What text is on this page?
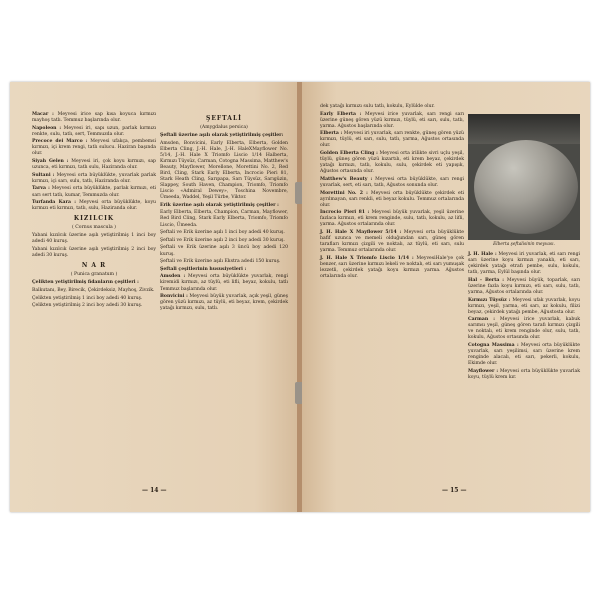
Macar : Meyvesi irice sap kısa koyuca kırmızı mayhoş tatlı. Temmuz başlarında olur.

Napoleon : Meyvesi iri, sapı uzun, parlak kırmızı renkte, sulu, tatlı, sert, Temmuzda olur.

Precoce dei Marco : Meyvesi ufakça, pembemsi kırmızı, içi krem rengi, tatlı sulucu. Haziran başında olur.

Siyah Gelen : Meyvesi iri, çok koyu kırmızı, sap uzunca, eti kırmızı, tatlı sulu, Haziranda olur.

Sultani : Meyvesi orta büyüklükte, yuvarlak parlak kırmızı, içi sarı, sulu, tatlı, Haziranda olur.

Tarva : Meyvesi orta büyüklükte, parlak kırmızı, eti sarı sert tatlı, kumar, Temmuzda olur.

Turfanda Kara : Meyvesi orta büyüklükte, koyu kırmızı eti kırmızı, tatlı, sulu, Haziranda olur.

KIZILCIK

( Cornus mascula )

Yabani kızılcık üzerine aşılı yetiştirilmiş 1 inci boy adedi 40 kuruş.

Yabani kızılcık üzerine aşılı yetiştirilmiş 2 inci boy adedi 30 kuruş.

N A R

( Punica granatum )

Çelikten yetiştirilmiş fidanların çeşitleri :

Balkutanı, Bey, Birecik, Çekirdeksiz, Mayhoş, Zivzik.

Çelikten yetiştirilmiş 1 inci boy adedi 40 kuruş.

Çelikten yetiştirilmiş 2 inci boy adedi 30 kuruş.

ŞEFTALİ

(Amygdalus persica)

Şeftali üzerine aşılı olarak yetiştirilmiş çeşitler:

Amsden, Bonvicini, Early Elberta, Elberta, Golden Elberta Cling, J.-H. Hale, J.-H. HaleXMayflower No. 5/14, J.-H. Hale X Triomfo Liscio 1/14 Halberta, Kırmızı Tüysüz, Carman, Cotogna Massima, Matthew's Beauty, Mayflower, Morellone, Morettini No. 2, Red Bird, Cling, Stark Early Elberta, Incrocio Pieri 81, Stark Heath Cling, Sarıpapa, Sarı Tüysüz, Sarıgüzin, Slappey, South Haven, Champion, Triomfo, Triomfo Liscio «Admiral Dewey», Toschina Novembre, Ümeeda, Waddel, Yeşil Türbe, Viktor.

Erik üzerine aşılı olarak yetiştirilmiş çeşitler :

Early Elberta, Elberta, Champion, Carman, Mayflower, Red Bird Cling, Stark Early Elberta, Triomfo, Triomfo Liscio, Ümeeda.

Şeftali ve Erik üzerine aşılı 1 inci boy adedi 40 kuruş.

Şeftali ve Erik üzerine aşılı 2 inci boy adedi 30 kuruş.

Şeftali ve Erik üzerine aşılı 3 üncü boy adedi 120 kuruş.

Şeftali ve Erik üzerine aşılı Ekstra adedi 150 kuruş.

Şeftali çeşitlerinin hususiyetleri :

Amsden : Meyvesi orta büyüklükte yuvarlak, rengi kiremidi kırmızı, az tüylü, eti lifli, beyaz, kokulu, tatlı Temmuz başlarında olur.

Bonvicini : Meyvesi büyük yuvarlak, açık yeşil, güneş gören yüzü kırmızı, az tüylü, eti beyaz, krem, çekirdek yatağı kırmızı, sulu, tatlı.

— 14 —

dek yatağı kırmızı sulu tatlı, kokulu, Eylülde olur.

Early Elberta : Meyvesi irice yuvarlak, sarı rengi sarı üzerine güneş gören yüzü kırmızı, tüylü, eti sarı, sulu, tatlı, yarma. Ağustos başlarında olur.

Elberta : Meyvesi iri yuvarlak, sarı renkte, güneş gören yüzü kırmızı, tüylü, eti sarı, sulu, tatlı, yarma, Ağustos ortasında olur.

Golden Elberta Cling : Meyvesi orta irilikte sivri uçlu yeşil, tüylü, güneş gören yüzü kızartılı, eti krem beyaz, çekirdek yatağı kırmızı, tatlı, kokulu, sulu, çekirdek eti yapışık, Ağustos ortasında olur.

Matthew's Beauty : Meyvesi orta büyüklükte, sarı rengi yuvarlak, sert, eti sarı, tatlı, Ağustos sonunda olur.

Morettini No. 2 : Meyvesi orta büyüklükte çekirdek eti ayrılmayan, sarı renkli, eti beyaz kokulu. Temmuz ortalarında olur.

Incrocio Pieri 81 : Meyvesi büyük yuvarlak, yeşil üzerine fazlaca kırmızı, eti krem renginde, sulu, tatlı, kokulu, az lifli, yarma. Ağustos ortalarında olur.

J. H. Hale X Mayflower 5/14 : Meyvesi orta büyüklükte hafif uzunca ve memeli olduğundan sarı, güneş gören tarafları kırmızı çizgili ve noktalı, az tüylü, eti sarı, sulu yarma. Temmuz ortalarında olur.

J. H. Hale X Triomfo Liscio 1/14 : MeyvesiHale'ye çok benzer, sarı üzerine kırmızı lekeli ve noktalı, eti sarı yumuşak lezzetli, çekirdek yatağı koyu kırmızı yarma. Ağustos ortalarında olur.

Elberta şeftalisinin meyvası.

J. H. Hale : Meyvesi iri yuvarlak, eti sarı rengi sarı üzerine koyu kırmızı yanaklı, eti sarı, çekirdek yatağı etrafı pembe, sulu, kokulu, tatlı, yarma, Eylül başında olur.

Hal - Berta : Meyvesi büyük, toparlak, sarı üzerine fazla koyu kırmızı, eti sarı, sulu, tatlı, yarma, Ağustos ortalarında olur.

Kırmızı Tüysüz : Meyvesi ufak yuvarlak, koyu kırmızı, yeşil, yarma, eti sarı, az kokulu, filizi beyaz, çekirdek yatağı pembe, Ağustosta olur.

Carman : Meyvesi irice yuvarlak, kabuk sarımsı yeşil, güneş gören tarafı kırmızı çizgili ve noktalı, eti krem renginde olur, sulu, tatlı, kokulu, Ağustos ortasında olur.

Cotogna Massima : Meyvesi orta büyüklükte yuvarlak, sarı yeşilimsi, sarı üzerine krem renginde alacalı, eti sarı, pekerli, kokulu, Ekimde olur.

Mayflower : Meyvesi orta büyüklükte yuvarlak koyu, tüylü krem kır.

— 15 —
